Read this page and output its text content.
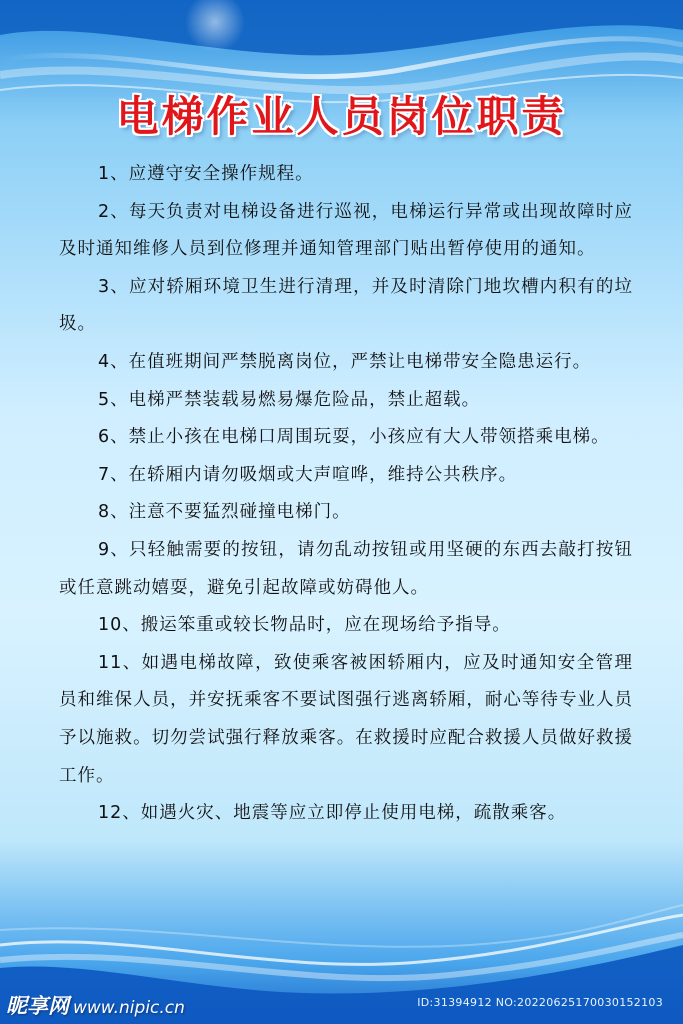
电梯作业人员岗位职责

1、应遵守安全操作规程。

2、每天负责对电梯设备进行巡视，电梯运行异常或出现故障时应及时通知维修人员到位修理并通知管理部门贴出暂停使用的通知。

3、应对轿厢环境卫生进行清理，并及时清除门地坎槽内积有的垃圾。

4、在值班期间严禁脱离岗位，严禁让电梯带安全隐患运行。

5、电梯严禁装载易燃易爆危险品，禁止超载。

6、禁止小孩在电梯口周围玩耍，小孩应有大人带领搭乘电梯。

7、在轿厢内请勿吸烟或大声喧哗，维持公共秩序。

8、注意不要猛烈碰撞电梯门。

9、只轻触需要的按钮，请勿乱动按钮或用坚硬的东西去敲打按钮或任意跳动嬉耍，避免引起故障或妨碍他人。

10、搬运笨重或较长物品时，应在现场给予指导。

11、如遇电梯故障，致使乘客被困轿厢内，应及时通知安全管理员和维保人员，并安抚乘客不要试图强行逃离轿厢，耐心等待专业人员予以施救。切勿尝试强行释放乘客。在救援时应配合救援人员做好救援工作。

12、如遇火灾、地震等应立即停止使用电梯，疏散乘客。

昵享网 www.nipic.cn	ID:31394912 NO:20220625170030152103
